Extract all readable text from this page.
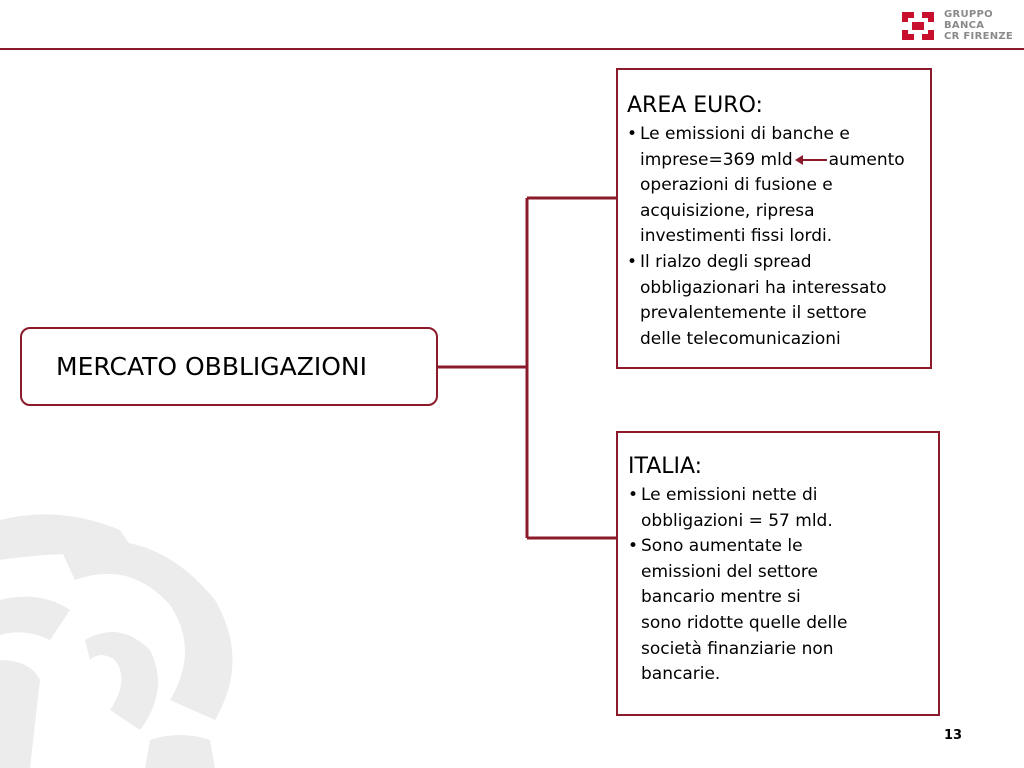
GRUPPO
BANCA
CR FIRENZE
MERCATO OBBLIGAZIONI
AREA EURO:
• Le emissioni di banche e
imprese=369 mld aumento
operazioni di fusione e
acquisizione, ripresa
investimenti fissi lordi.
• Il rialzo degli spread
obbligazionari ha interessato
prevalentemente il settore
delle telecomunicazioni
ITALIA:
• Le emissioni nette di
obbligazioni = 57 mld.
• Sono aumentate le
emissioni del settore
bancario mentre si
sono ridotte quelle delle
società finanziarie non
bancarie.
13
